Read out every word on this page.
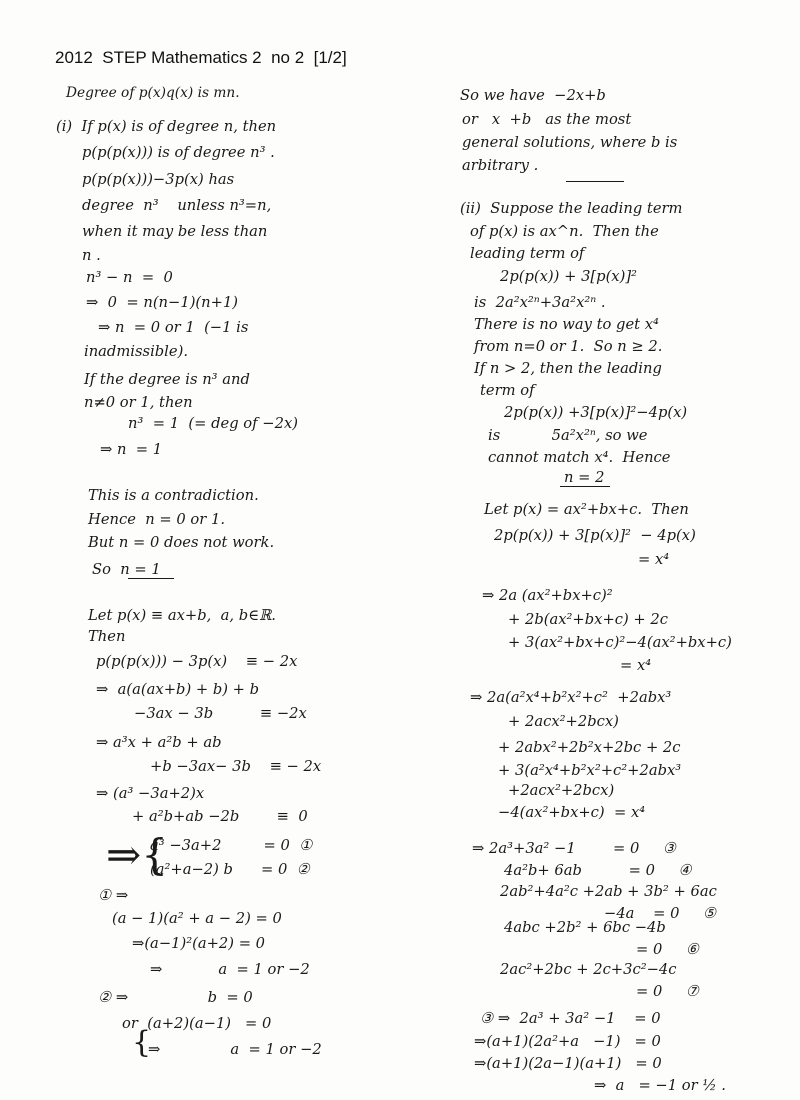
2012  STEP Mathematics 2  no 2  [1/2]
Degree of p(x)q(x) is mn.
(i)  If p(x) is of degree n, then
p(p(p(x))) is of degree n³ .
p(p(p(x)))−3p(x) has
degree  n³    unless n³=n,
when it may be less than
n .
n³ − n  =  0
⇒  0  = n(n−1)(n+1)
⇒ n  = 0 or 1  (−1 is
inadmissible).
If the degree is n³ and
n≠0 or 1, then
n³  = 1  (= deg of −2x)
⇒ n  = 1
This is a contradiction.
Hence  n = 0 or 1.
But n = 0 does not work.
So  n = 1
Let p(x) ≡ ax+b,  a, b∈ℝ.
Then
p(p(p(x))) − 3p(x)    ≡ − 2x
⇒  a(a(ax+b) + b) + b
−3ax − 3b          ≡ −2x
⇒ a³x + a²b + ab
+b −3ax− 3b    ≡ − 2x
⇒ (a³ −3a+2)x
+ a²b+ab −2b        ≡  0
⇒{
a³ −3a+2         = 0  ①
(a²+a−2) b      = 0  ②
① ⇒
(a − 1)(a² + a − 2) = 0
⇒(a−1)²(a+2) = 0
⇒            a  = 1 or −2
② ⇒                 b  = 0
or  (a+2)(a−1)   = 0
{
⇒               a  = 1 or −2
So we have  −2x+b
or   x  +b   as the most
general solutions, where b is
arbitrary .
(ii)  Suppose the leading term
of p(x) is ax^n.  Then the
leading term of
2p(p(x)) + 3[p(x)]²
is  2a²x²ⁿ+3a²x²ⁿ .
There is no way to get x⁴
from n=0 or 1.  So n ≥ 2.
If n > 2, then the leading
term of
2p(p(x)) +3[p(x)]²−4p(x)
is           5a²x²ⁿ, so we
cannot match x⁴.  Hence
n = 2
Let p(x) = ax²+bx+c.  Then
2p(p(x)) + 3[p(x)]²  − 4p(x)
= x⁴
⇒ 2a (ax²+bx+c)²
+ 2b(ax²+bx+c) + 2c
+ 3(ax²+bx+c)²−4(ax²+bx+c)
= x⁴
⇒ 2a(a²x⁴+b²x²+c²  +2abx³
+ 2acx²+2bcx)
+ 2abx²+2b²x+2bc + 2c
+ 3(a²x⁴+b²x²+c²+2abx³
+2acx²+2bcx)
−4(ax²+bx+c)  = x⁴
⇒ 2a³+3a² −1        = 0     ③
4a²b+ 6ab          = 0     ④
2ab²+4a²c +2ab + 3b² + 6ac
−4a    = 0     ⑤
4abc +2b² + 6bc −4b
= 0     ⑥
2ac²+2bc + 2c+3c²−4c
= 0     ⑦
③ ⇒  2a³ + 3a² −1    = 0
⇒(a+1)(2a²+a   −1)   = 0
⇒(a+1)(2a−1)(a+1)   = 0
⇒  a   = −1 or ½ .
